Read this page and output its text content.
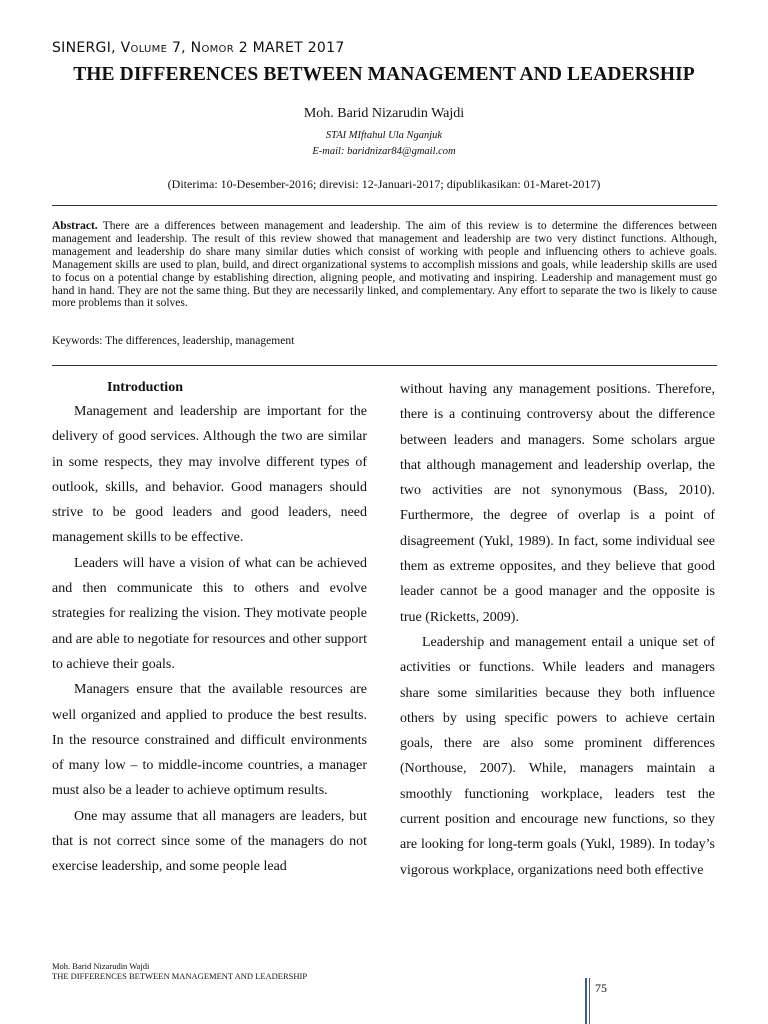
SINERGI, Volume 7, Nomor 2 MARET 2017
THE DIFFERENCES BETWEEN MANAGEMENT AND LEADERSHIP
Moh. Barid Nizarudin Wajdi
STAI MIftahul Ula Nganjuk
E-mail: baridnizar84@gmail.com
(Diterima: 10-Desember-2016; direvisi: 12-Januari-2017; dipublikasikan: 01-Maret-2017)

Abstract. There are a differences between management and leadership. The aim of this review is to determine the differences between management and leadership. The result of this review showed that management and leadership are two very distinct functions. Although, management and leadership do share many similar duties which consist of working with people and influencing others to achieve goals. Management skills are used to plan, build, and direct organizational systems to accomplish missions and goals, while leadership skills are used to focus on a potential change by establishing direction, aligning people, and motivating and inspiring. Leadership and management must go hand in hand. They are not the same thing. But they are necessarily linked, and complementary. Any effort to separate the two is likely to cause more problems than it solves.

Keywords: The differences, leadership, management
Introduction

Management and leadership are important for the delivery of good services. Although the two are similar in some respects, they may involve different types of outlook, skills, and behavior. Good managers should strive to be good leaders and good leaders, need management skills to be effective.

Leaders will have a vision of what can be achieved and then communicate this to others and evolve strategies for realizing the vision. They motivate people and are able to negotiate for resources and other support to achieve their goals.

Managers ensure that the available resources are well organized and applied to produce the best results. In the resource constrained and difficult environments of many low – to middle-income countries, a manager must also be a leader to achieve optimum results.

One may assume that all managers are leaders, but that is not correct since some of the managers do not exercise leadership, and some people lead

without having any management positions. Therefore, there is a continuing controversy about the difference between leaders and managers. Some scholars argue that although management and leadership overlap, the two activities are not synonymous (Bass, 2010). Furthermore, the degree of overlap is a point of disagreement (Yukl, 1989). In fact, some individual see them as extreme opposites, and they believe that good leader cannot be a good manager and the opposite is true (Ricketts, 2009).

Leadership and management entail a unique set of activities or functions. While leaders and managers share some similarities because they both influence others by using specific powers to achieve certain goals, there are also some prominent differences (Northouse, 2007). While, managers maintain a smoothly functioning workplace, leaders test the current position and encourage new functions, so they are looking for long-term goals (Yukl, 1989). In today’s vigorous workplace, organizations need both effective

Moh. Barid Nizarudin Wajdi
THE DIFFERENCES BETWEEN MANAGEMENT AND LEADERSHIP
75
